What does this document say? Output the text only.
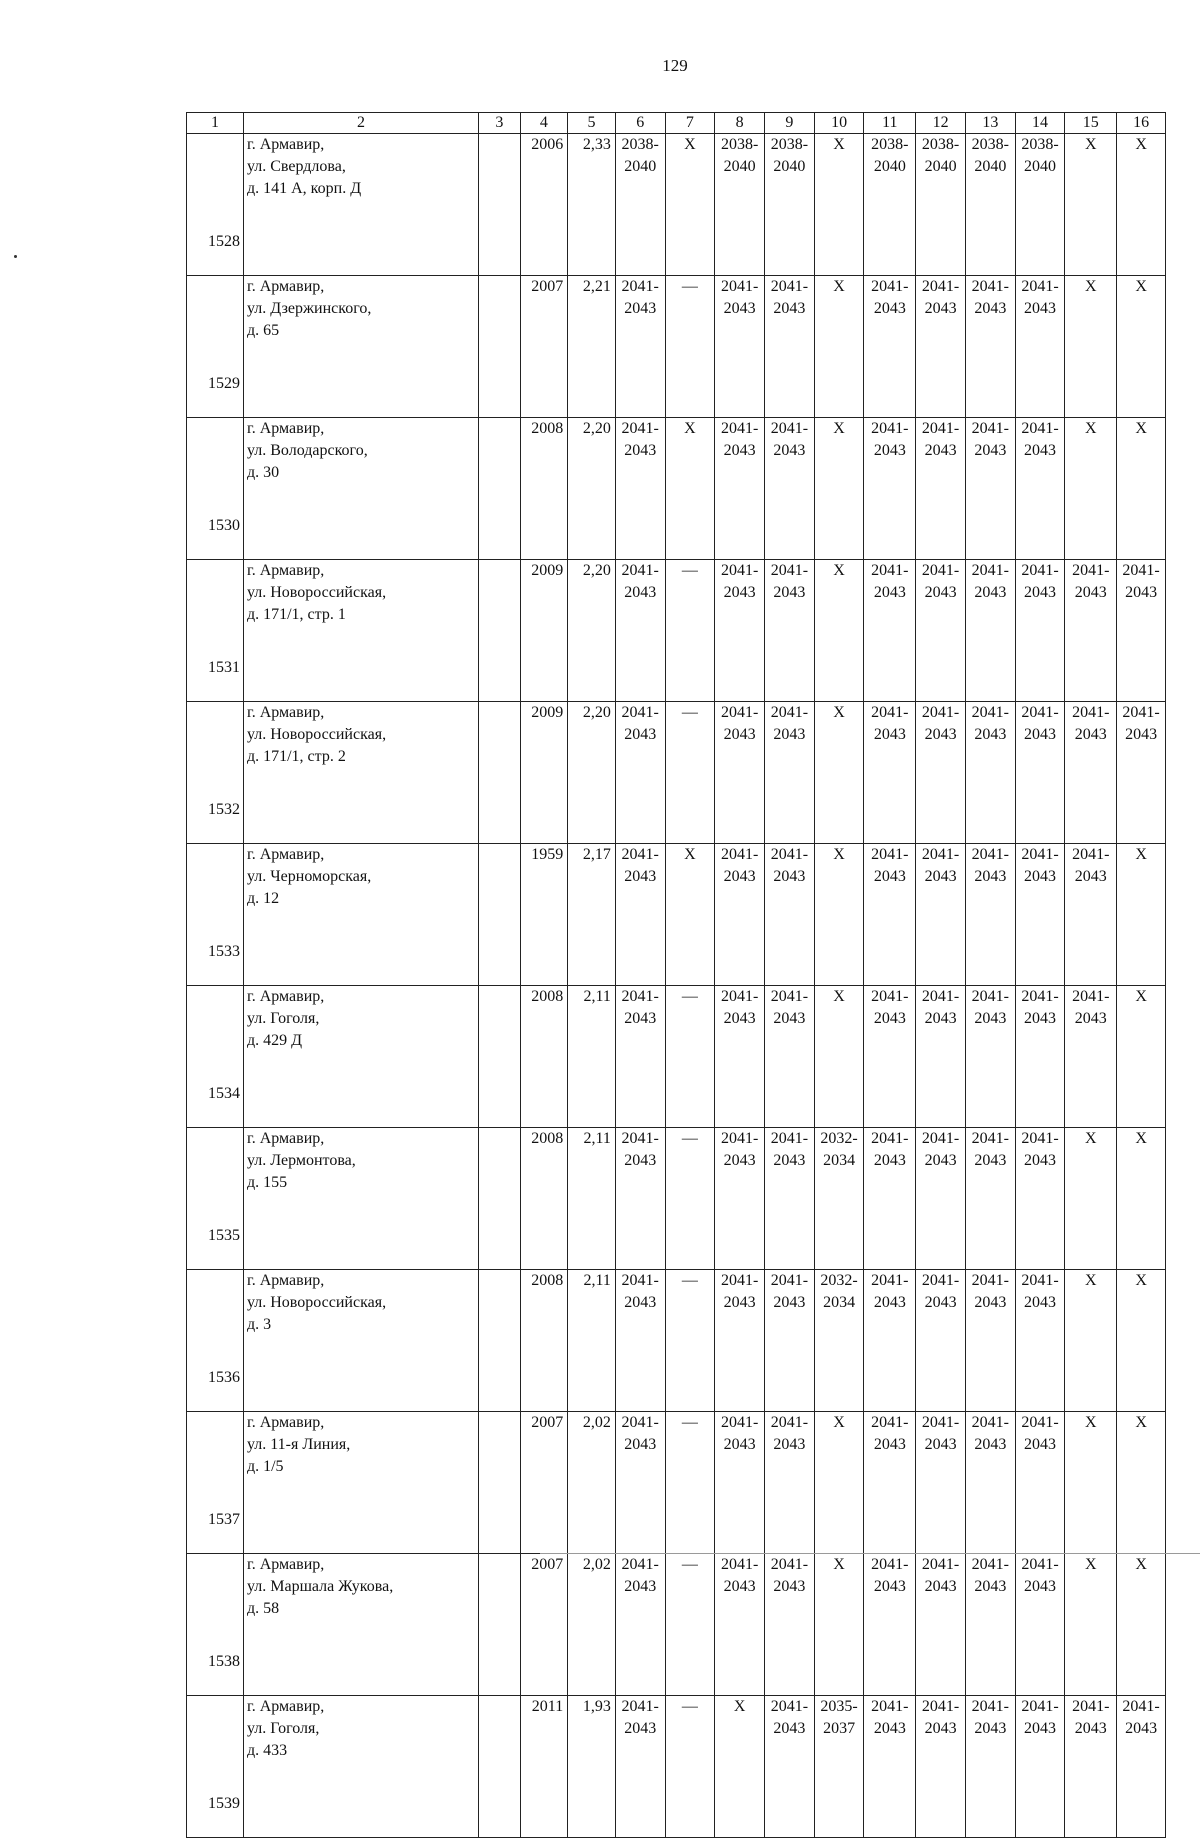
129
1	2	3	4	5	6	7	8	9	10	11	12	13	14	15	16
1528	г. Армавир,
ул. Свердлова,
д. 141 А, корп. Д		2006	2,33	2038-
2040	X	2038-
2040	2038-
2040	X	2038-
2040	2038-
2040	2038-
2040	2038-
2040	X	X

1529	г. Армавир,
ул. Дзержинского,
д. 65		2007	2,21	2041-
2043	—	2041-
2043	2041-
2043	X	2041-
2043	2041-
2043	2041-
2043	2041-
2043	X	X

1530	г. Армавир,
ул. Володарского,
д. 30		2008	2,20	2041-
2043	X	2041-
2043	2041-
2043	X	2041-
2043	2041-
2043	2041-
2043	2041-
2043	X	X

1531	г. Армавир,
ул. Новороссийская,
д. 171/1, стр. 1		2009	2,20	2041-
2043	—	2041-
2043	2041-
2043	X	2041-
2043	2041-
2043	2041-
2043	2041-
2043	2041-
2043	2041-
2043

1532	г. Армавир,
ул. Новороссийская,
д. 171/1, стр. 2		2009	2,20	2041-
2043	—	2041-
2043	2041-
2043	X	2041-
2043	2041-
2043	2041-
2043	2041-
2043	2041-
2043	2041-
2043

1533	г. Армавир,
ул. Черноморская,
д. 12		1959	2,17	2041-
2043	X	2041-
2043	2041-
2043	X	2041-
2043	2041-
2043	2041-
2043	2041-
2043	2041-
2043	X

1534	г. Армавир,
ул. Гоголя,
д. 429 Д		2008	2,11	2041-
2043	—	2041-
2043	2041-
2043	X	2041-
2043	2041-
2043	2041-
2043	2041-
2043	2041-
2043	X

1535	г. Армавир,
ул. Лермонтова,
д. 155		2008	2,11	2041-
2043	—	2041-
2043	2041-
2043	2032-
2034	2041-
2043	2041-
2043	2041-
2043	2041-
2043	X	X

1536	г. Армавир,
ул. Новороссийская,
д. 3		2008	2,11	2041-
2043	—	2041-
2043	2041-
2043	2032-
2034	2041-
2043	2041-
2043	2041-
2043	2041-
2043	X	X

1537	г. Армавир,
ул. 11-я Линия,
д. 1/5		2007	2,02	2041-
2043	—	2041-
2043	2041-
2043	X	2041-
2043	2041-
2043	2041-
2043	2041-
2043	X	X

1538	г. Армавир,
ул. Маршала Жукова,
д. 58		2007	2,02	2041-
2043	—	2041-
2043	2041-
2043	X	2041-
2043	2041-
2043	2041-
2043	2041-
2043	X	X

1539	г. Армавир,
ул. Гоголя,
д. 433		2011	1,93	2041-
2043	—	X	2041-
2043	2035-
2037	2041-
2043	2041-
2043	2041-
2043	2041-
2043	2041-
2043	2041-
2043
